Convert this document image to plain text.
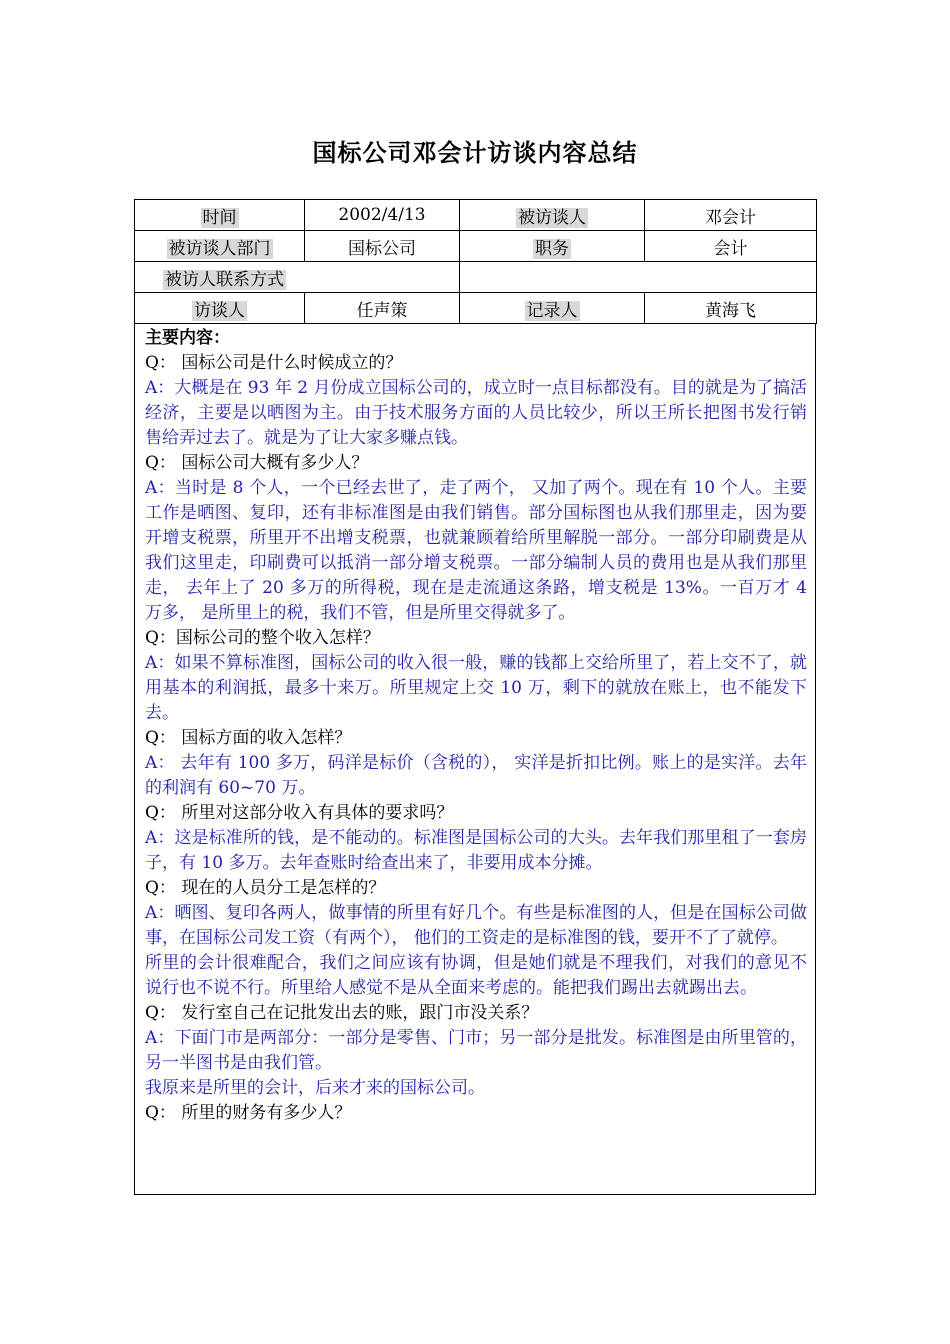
国标公司邓会计访谈内容总结
时间	2002/4/13	被访谈人	邓会计
被访谈人部门	国标公司	职务	会计
被访人联系方式			
访谈人	任声策	记录人	黄海飞

主要内容：

Q： 国标公司是什么时候成立的？

A：大概是在 93 年 2 月份成立国标公司的，成立时一点目标都没有。目的就是为了搞活经济，主要是以晒图为主。由于技术服务方面的人员比较少，所以王所长把图书发行销售给弄过去了。就是为了让大家多赚点钱。

Q： 国标公司大概有多少人？

A：当时是 8 个人，一个已经去世了，走了两个， 又加了两个。现在有 10 个人。主要工作是晒图、复印，还有非标准图是由我们销售。部分国标图也从我们那里走，因为要开增支税票，所里开不出增支税票，也就兼顾着给所里解脱一部分。一部分印刷费是从我们这里走，印刷费可以抵消一部分增支税票。一部分编制人员的费用也是从我们那里走， 去年上了 20 多万的所得税，现在是走流通这条路，增支税是 13%。一百万才 4 万多， 是所里上的税，我们不管，但是所里交得就多了。

Q：国标公司的整个收入怎样？

A：如果不算标准图，国标公司的收入很一般，赚的钱都上交给所里了，若上交不了，就用基本的利润抵，最多十来万。所里规定上交 10 万，剩下的就放在账上，也不能发下去。

Q： 国标方面的收入怎样？

A： 去年有 100 多万，码洋是标价（含税的）， 实洋是折扣比例。账上的是实洋。去年的利润有 60~70 万。

Q： 所里对这部分收入有具体的要求吗？

A：这是标准所的钱，是不能动的。标准图是国标公司的大头。去年我们那里租了一套房子，有 10 多万。去年查账时给查出来了，非要用成本分摊。

Q： 现在的人员分工是怎样的？

A：晒图、复印各两人，做事情的所里有好几个。有些是标准图的人，但是在国标公司做事，在国标公司发工资（有两个）， 他们的工资走的是标准图的钱，要开不了了就停。

所里的会计很难配合，我们之间应该有协调，但是她们就是不理我们，对我们的意见不说行也不说不行。所里给人感觉不是从全面来考虑的。能把我们踢出去就踢出去。

Q： 发行室自己在记批发出去的账，跟门市没关系？

A：下面门市是两部分：一部分是零售、门市；另一部分是批发。标准图是由所里管的，另一半图书是由我们管。

我原来是所里的会计，后来才来的国标公司。

Q： 所里的财务有多少人？
